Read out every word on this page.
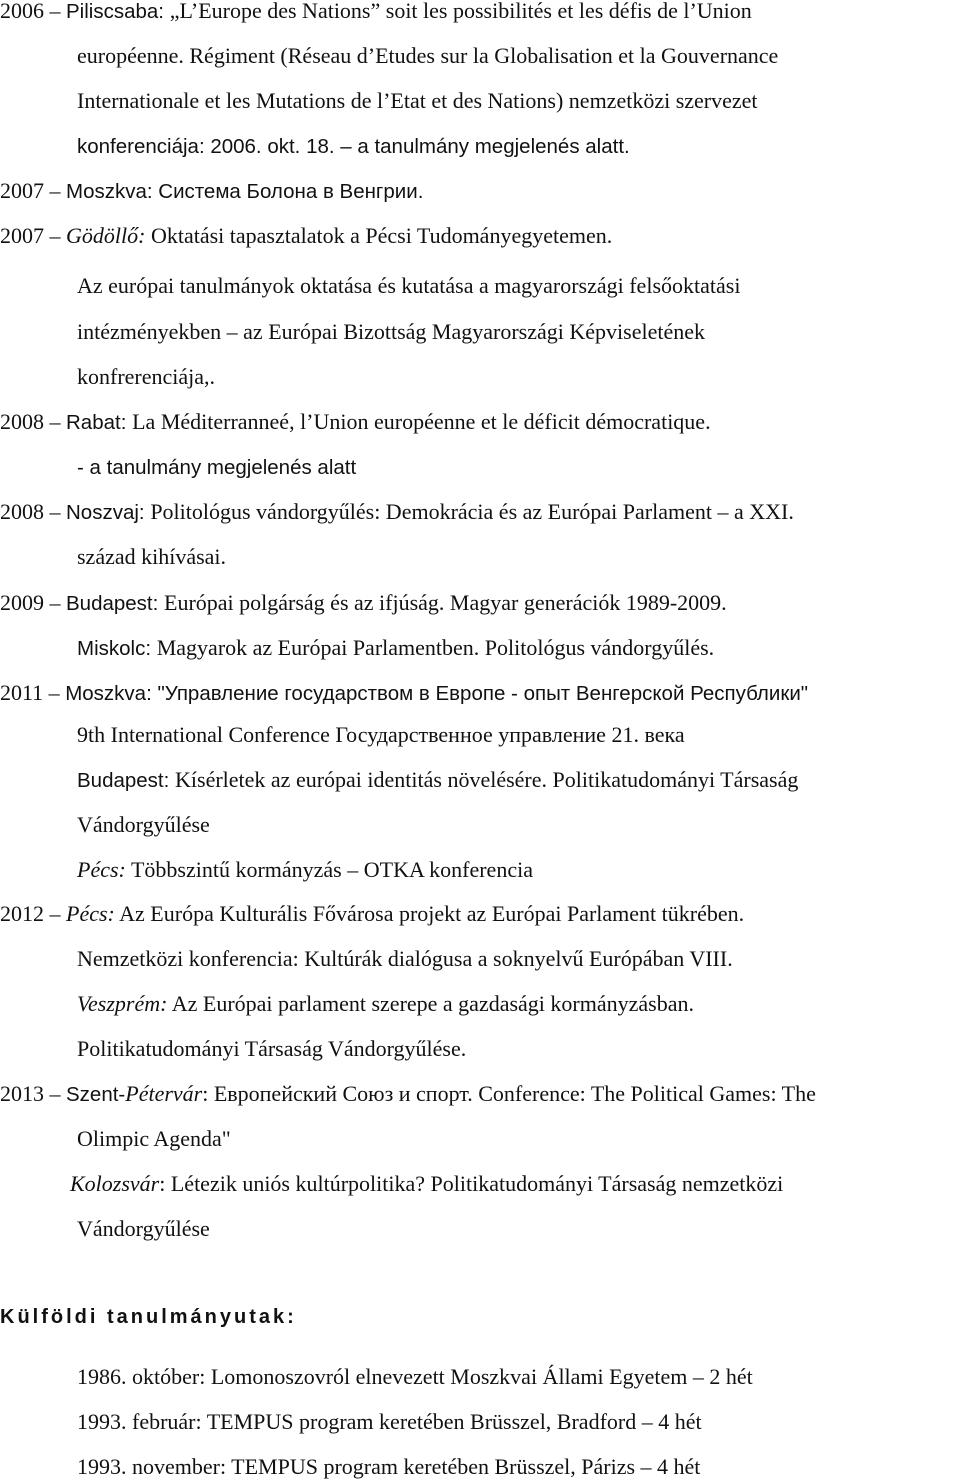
2006 – Piliscsaba: „L’Europe des Nations” soit les possibilités et les défis de l’Union
européenne. Régiment (Réseau d’Etudes sur la Globalisation et la Gouvernance
Internationale et les Mutations de l’Etat et des Nations) nemzetközi szervezet
konferenciája: 2006. okt. 18. – a tanulmány megjelenés alatt.
2007 – Moszkva: Система Болона в Венгрии.
2007 – Gödöllő: Oktatási tapasztalatok a Pécsi Tudományegyetemen.
Az európai tanulmányok oktatása és kutatása a magyarországi felsőoktatási
intézményekben – az Európai Bizottság Magyarországi Képviseletének
konfrerenciája,.
2008 – Rabat: La Méditerranneé, l’Union européenne et le déficit démocratique.
- a tanulmány megjelenés alatt
2008 – Noszvaj: Politológus vándorgyűlés: Demokrácia és az Európai Parlament – a XXI.
század kihívásai.
2009 – Budapest: Európai polgárság és az ifjúság. Magyar generációk 1989-2009.
Miskolc: Magyarok az Európai Parlamentben. Politológus vándorgyűlés.
2011 – Moszkva: "Управление государством в Европе - опыт Венгерской Республики"
9th International Conference Государственное управление 21. века
Budapest: Kísérletek az európai identitás növelésére. Politikatudományi Társaság
Vándorgyűlése
Pécs: Többszintű kormányzás – OTKA konferencia
2012 – Pécs: Az Európa Kulturális Fővárosa projekt az Európai Parlament tükrében.
Nemzetközi konferencia: Kultúrák dialógusa a soknyelvű Európában VIII.
Veszprém: Az Európai parlament szerepe a gazdasági kormányzásban.
Politikatudományi Társaság Vándorgyűlése.
2013 – Szent-Pétervár: Европейский Союз и спорт. Conference: The Political Games: The
Olimpic Agenda"
Kolozsvár: Létezik uniós kultúrpolitika? Politikatudományi Társaság nemzetközi
Vándorgyűlése
Külföldi tanulmányutak:
1986. október: Lomonoszovról elnevezett Moszkvai Állami Egyetem – 2 hét
1993. február: TEMPUS program keretében Brüsszel, Bradford – 4 hét
1993. november: TEMPUS program keretében Brüsszel, Párizs – 4 hét
